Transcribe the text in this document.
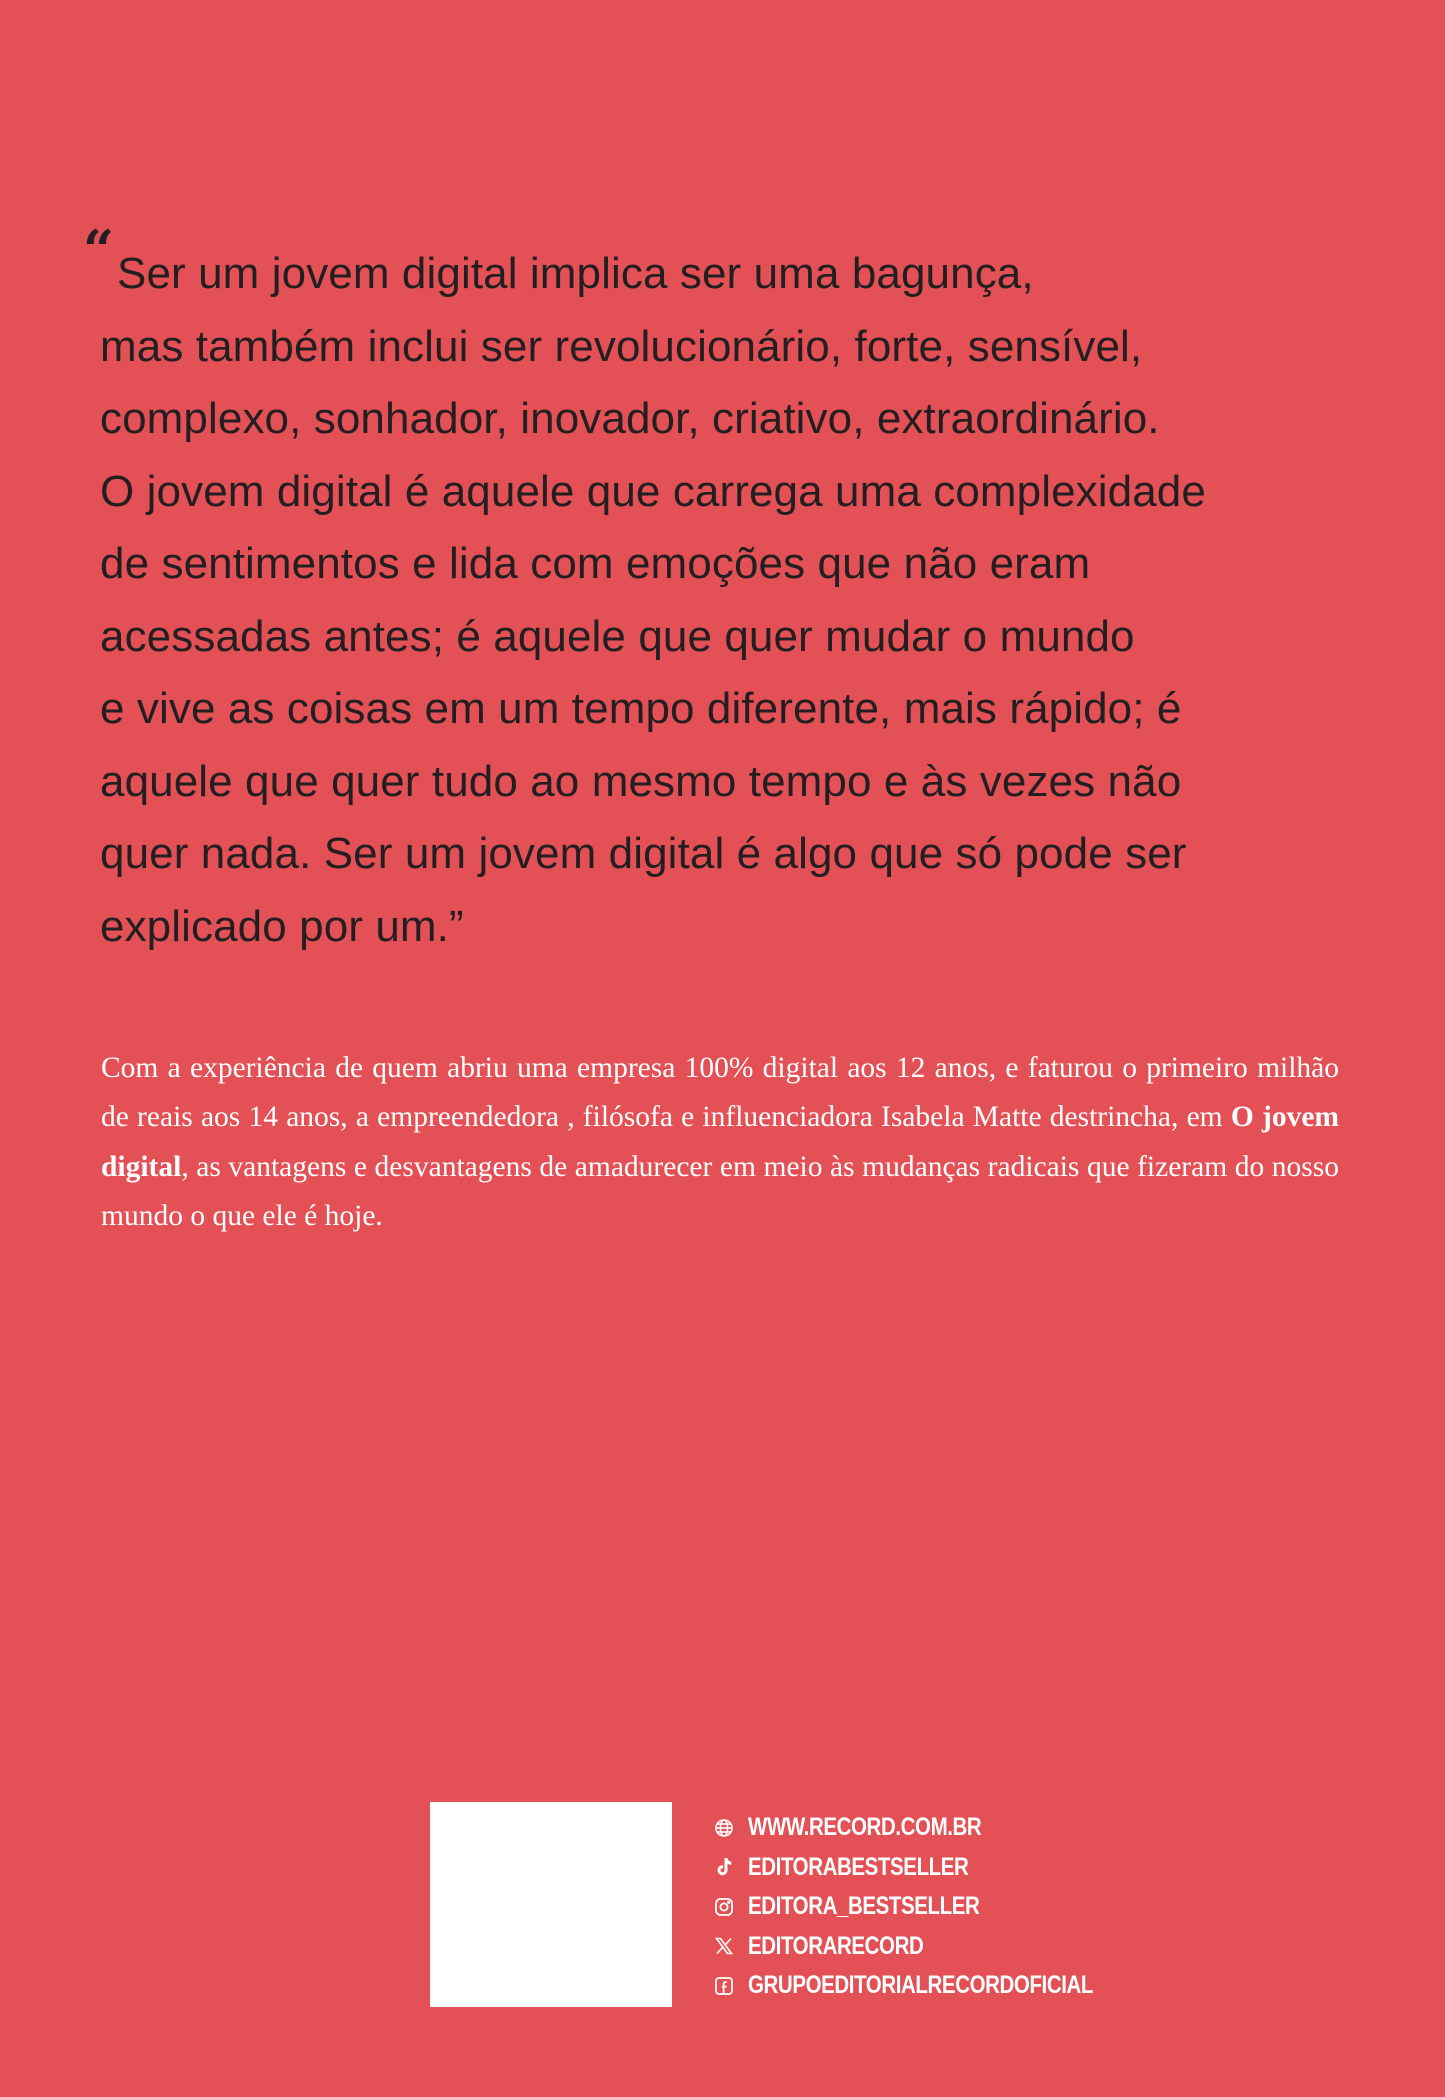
“ Ser um jovem digital implica ser uma bagunça,
mas também inclui ser revolucionário, forte, sensível,
complexo, sonhador, inovador, criativo, extraordinário.
O jovem digital é aquele que carrega uma complexidade
de sentimentos e lida com emoções que não eram
acessadas antes; é aquele que quer mudar o mundo
e vive as coisas em um tempo diferente, mais rápido; é
aquele que quer tudo ao mesmo tempo e às vezes não
quer nada. Ser um jovem digital é algo que só pode ser
explicado por um.”

Com a experiência de quem abriu uma empresa 100% digital aos 12 anos, e faturou o primeiro milhão de reais aos 14 anos, a empreendedora , filósofa e influenciadora Isabela Matte destrincha, em O jovem digital, as vantagens e desvantagens de amadurecer em meio às mudanças radicais que fizeram do nosso mundo o que ele é hoje.

WWW.RECORD.COM.BR
EDITORABESTSELLER
EDITORA_BESTSELLER
EDITORARECORD
GRUPOEDITORIALRECORDOFICIAL
